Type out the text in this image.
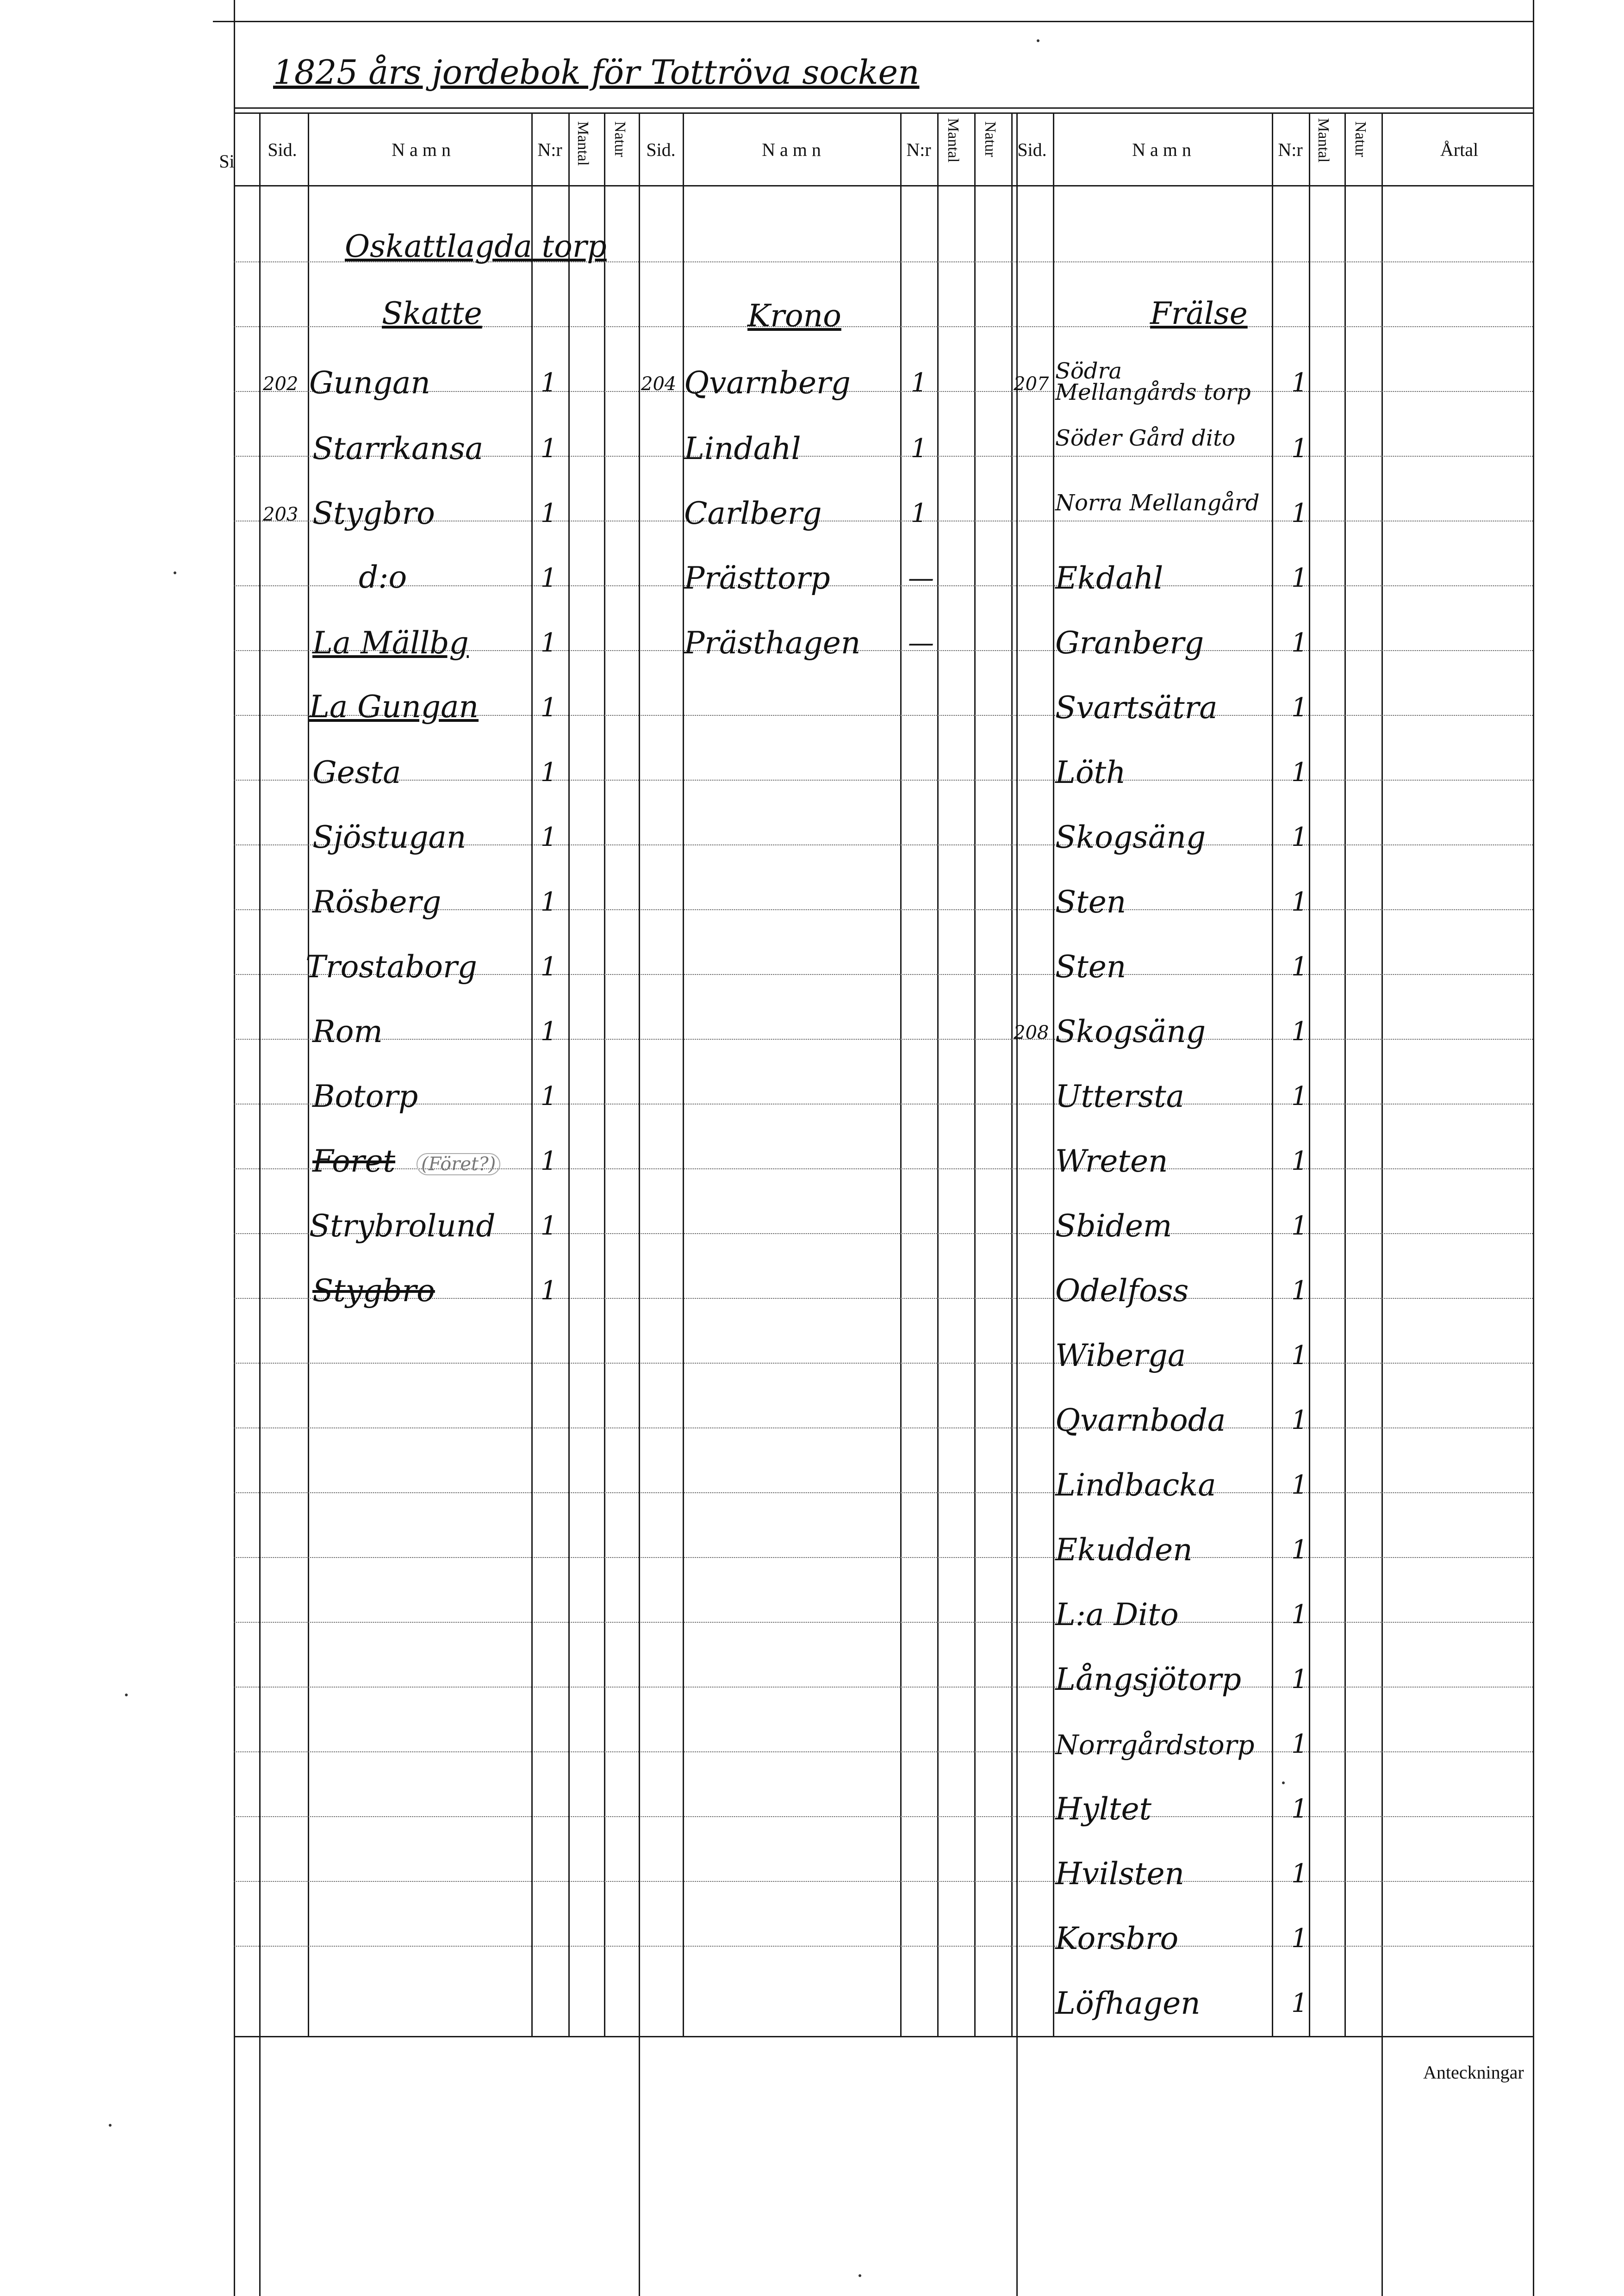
1825 års jordebok för Tottröva socken
Si
Sid.	N a m n	N:r Mantal Natur Sid.	N a m n	N:r Mantal Natur	Sid.	N a m n	N:r Mantal Natur	Årtal
Oskattlagda torp
Skatte	Krono	Frälse
202 Gungan	1
Starrkansa 1
203 Stygbro	1
d:o	1
La Mällbg	1
La Gungan 1
Gesta	1
Sjöstugan	1
Rösberg	1
Trostaborg 1
Rom	1
Botorp	1
Foret (Föret?) 1
Strybrolund 1
Stygbro	1
204 Qvarnberg 1
Lindahl	1
Carlberg	1
Prästtorp	—
Prästhagen —
207 Södra Mellangårds torp	1
Söder Gård dito	1
Norra Mellangård	1
Ekdahl	1
Granberg	1
Svartsätra	1
Löth	1
Skogsäng	1
Sten	1
Sten	1
208 Skogsäng	1
Uttersta	1
Wreten	1
Sbidem	1
Odelfoss	1
Wiberga	1
Qvarnboda	1
Lindbacka	1
Ekudden	1
L:a Dito	1
Långsjötorp 1
Norrgårdstorp 1
Hyltet	1
Hvilsten	1
Korsbro	1
Löfhagen	1
Anteckningar
